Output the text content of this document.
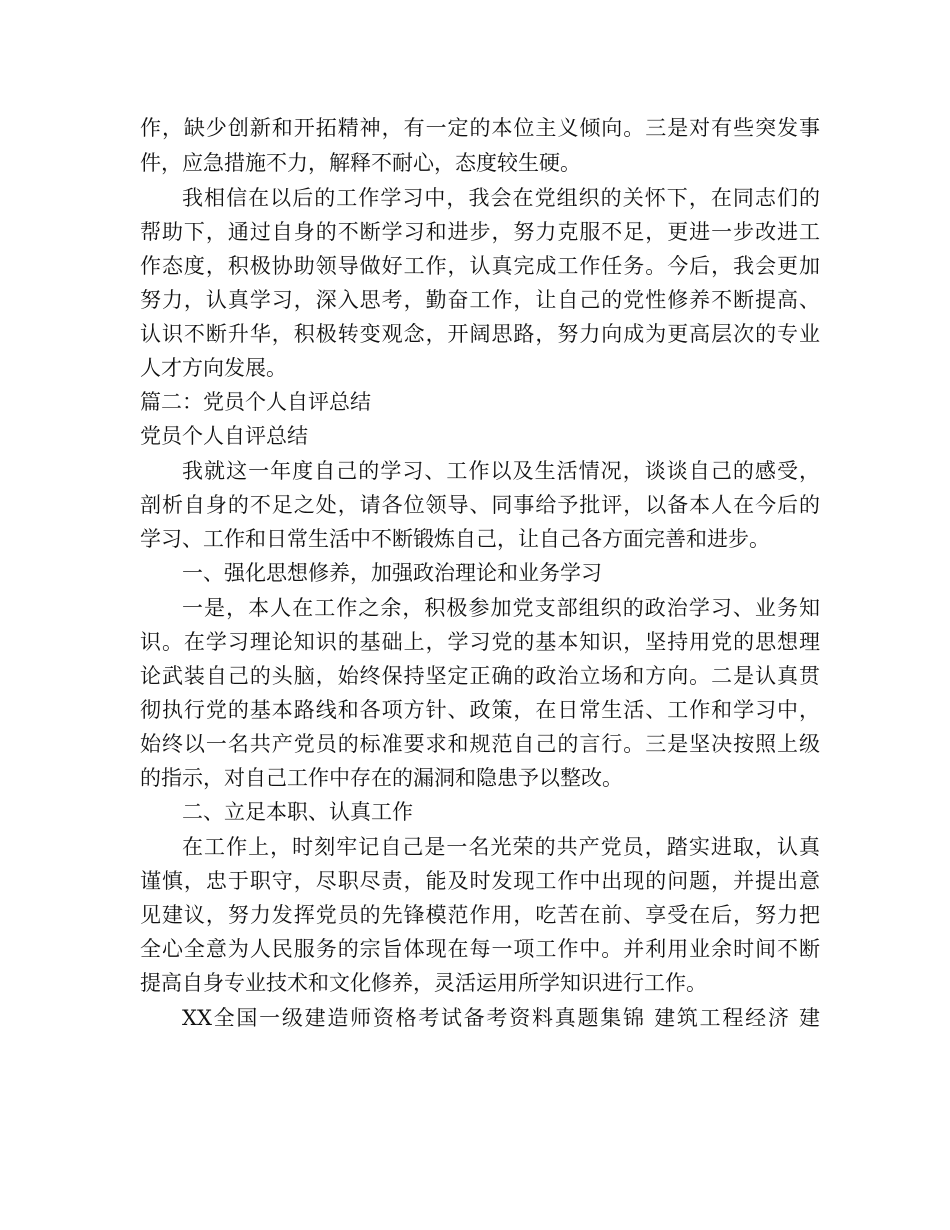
作，缺少创新和开拓精神，有一定的本位主义倾向。三是对有些突发事
件，应急措施不力，解释不耐心，态度较生硬。
我相信在以后的工作学习中，我会在党组织的关怀下，在同志们的
帮助下，通过自身的不断学习和进步，努力克服不足，更进一步改进工
作态度，积极协助领导做好工作，认真完成工作任务。今后，我会更加
努力，认真学习，深入思考，勤奋工作，让自己的党性修养不断提高、
认识不断升华，积极转变观念，开阔思路，努力向成为更高层次的专业
人才方向发展。
篇二：党员个人自评总结
党员个人自评总结
我就这一年度自己的学习、工作以及生活情况，谈谈自己的感受，
剖析自身的不足之处，请各位领导、同事给予批评，以备本人在今后的
学习、工作和日常生活中不断锻炼自己，让自己各方面完善和进步。
一、强化思想修养，加强政治理论和业务学习
一是，本人在工作之余，积极参加党支部组织的政治学习、业务知
识。在学习理论知识的基础上，学习党的基本知识，坚持用党的思想理
论武装自己的头脑，始终保持坚定正确的政治立场和方向。二是认真贯
彻执行党的基本路线和各项方针、政策，在日常生活、工作和学习中，
始终以一名共产党员的标准要求和规范自己的言行。三是坚决按照上级
的指示，对自己工作中存在的漏洞和隐患予以整改。
二、立足本职、认真工作
在工作上，时刻牢记自己是一名光荣的共产党员，踏实进取，认真
谨慎，忠于职守，尽职尽责，能及时发现工作中出现的问题，并提出意
见建议，努力发挥党员的先锋模范作用，吃苦在前、享受在后，努力把
全心全意为人民服务的宗旨体现在每一项工作中。并利用业余时间不断
提高自身专业技术和文化修养，灵活运用所学知识进行工作。
XX全国一级建造师资格考试备考资料真题集锦 建筑工程经济 建
